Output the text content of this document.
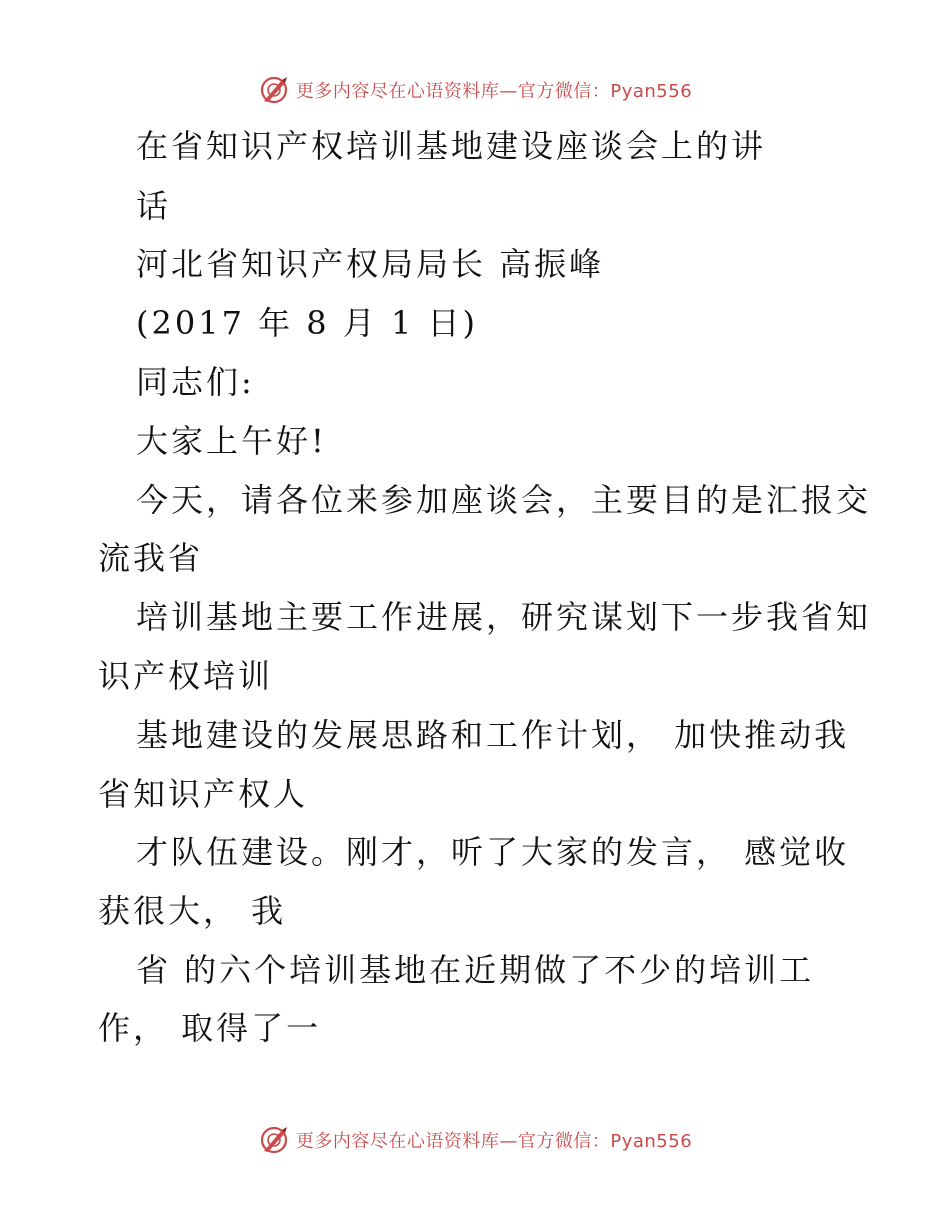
更多内容尽在心语资料库—官方微信：Pyan556
在省知识产权培训基地建设座谈会上的讲
话
河北省知识产权局局长 高振峰
(2017 年 8 月 1 日)
同志们:
大家上午好!
今天，请各位来参加座谈会，主要目的是汇报交
流我省
培训基地主要工作进展，研究谋划下一步我省知
识产权培训
基地建设的发展思路和工作计划， 加快推动我
省知识产权人
才队伍建设。刚才，听了大家的发言， 感觉收
获很大， 我
省 的六个培训基地在近期做了不少的培训工
作， 取得了一
更多内容尽在心语资料库—官方微信：Pyan556
